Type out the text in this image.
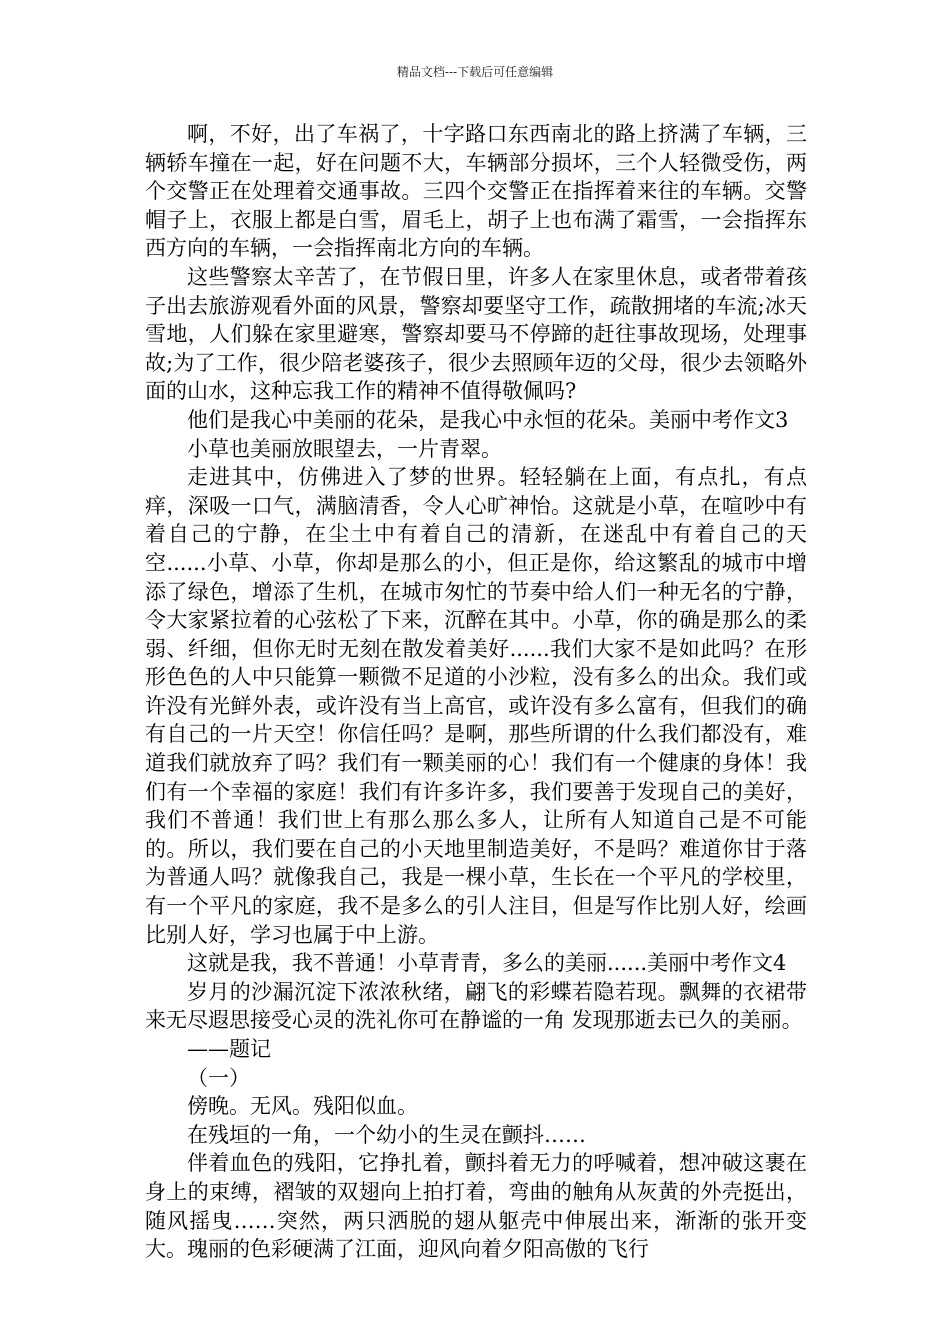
精品文档---下载后可任意编辑

啊，不好，出了车祸了，十字路口东西南北的路上挤满了车辆，三辆轿车撞在一起，好在问题不大，车辆部分损坏，三个人轻微受伤，两个交警正在处理着交通事故。三四个交警正在指挥着来往的车辆。交警帽子上，衣服上都是白雪，眉毛上，胡子上也布满了霜雪，一会指挥东西方向的车辆，一会指挥南北方向的车辆。

这些警察太辛苦了，在节假日里，许多人在家里休息，或者带着孩子出去旅游观看外面的风景，警察却要坚守工作，疏散拥堵的车流;冰天雪地，人们躲在家里避寒，警察却要马不停蹄的赶往事故现场，处理事故;为了工作，很少陪老婆孩子，很少去照顾年迈的父母，很少去领略外面的山水，这种忘我工作的精神不值得敬佩吗?

他们是我心中美丽的花朵，是我心中永恒的花朵。美丽中考作文3

小草也美丽放眼望去，一片青翠。

走进其中，仿佛进入了梦的世界。轻轻躺在上面，有点扎，有点痒，深吸一口气，满脑清香，令人心旷神怡。这就是小草，在喧吵中有着自己的宁静，在尘土中有着自己的清新，在迷乱中有着自己的天空......小草、小草，你却是那么的小，但正是你，给这繁乱的城市中增添了绿色，增添了生机，在城市匆忙的节奏中给人们一种无名的宁静，令大家紧拉着的心弦松了下来，沉醉在其中。小草，你的确是那么的柔弱、纤细，但你无时无刻在散发着美好......我们大家不是如此吗？在形形色色的人中只能算一颗微不足道的小沙粒，没有多么的出众。我们或许没有光鲜外表，或许没有当上高官，或许没有多么富有，但我们的确有自己的一片天空！你信任吗？是啊，那些所谓的什么我们都没有，难道我们就放弃了吗？我们有一颗美丽的心！我们有一个健康的身体！我们有一个幸福的家庭！我们有许多许多，我们要善于发现自己的美好，我们不普通！我们世上有那么那么多人，让所有人知道自己是不可能的。所以，我们要在自己的小天地里制造美好，不是吗？难道你甘于落为普通人吗？就像我自己，我是一棵小草，生长在一个平凡的学校里，有一个平凡的家庭，我不是多么的引人注目，但是写作比别人好，绘画比别人好，学习也属于中上游。

这就是我，我不普通！小草青青，多么的美丽......美丽中考作文4

岁月的沙漏沉淀下浓浓秋绪，翩飞的彩蝶若隐若现。飘舞的衣裙带来无尽遐思接受心灵的洗礼你可在静谧的一角 发现那逝去已久的美丽。

——题记

（一）

傍晚。无风。残阳似血。

在残垣的一角，一个幼小的生灵在颤抖……

伴着血色的残阳，它挣扎着，颤抖着无力的呼喊着，想冲破这裹在身上的束缚，褶皱的双翅向上拍打着，弯曲的触角从灰黄的外壳挺出，随风摇曳……突然，两只洒脱的翅从躯壳中伸展出来，渐渐的张开变大。瑰丽的色彩硬满了江面，迎风向着夕阳高傲的飞行
